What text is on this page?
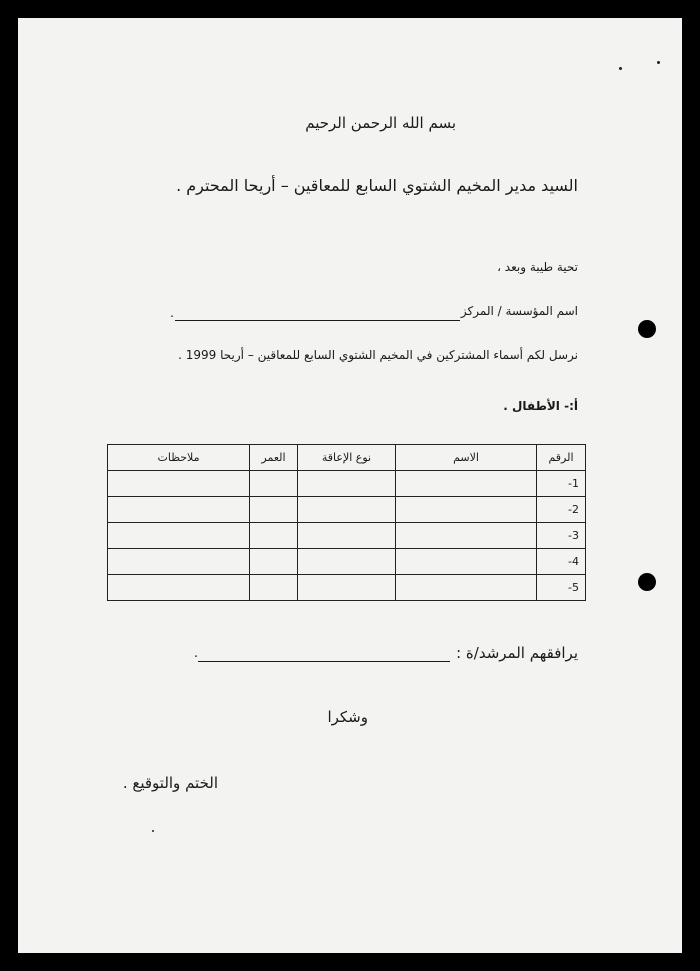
بسم الله الرحمن الرحيم
السيد مدير المخيم الشتوي السابع للمعاقين – أريحا المحترم .
تحية طيبة وبعد ،
اسم المؤسسة / المركز
.
نرسل لكم أسماء المشتركين في المخيم الشتوي السابع للمعاقين – أريحا 1999 .
أ:- الأطفال .
الرقم	الاسم	نوع الإعاقة	العمر	ملاحظات
1-				
2-				
3-				
4-				
5-				
يرافقهم المرشد/ة :
.
وشكرا
الختم والتوقيع .
